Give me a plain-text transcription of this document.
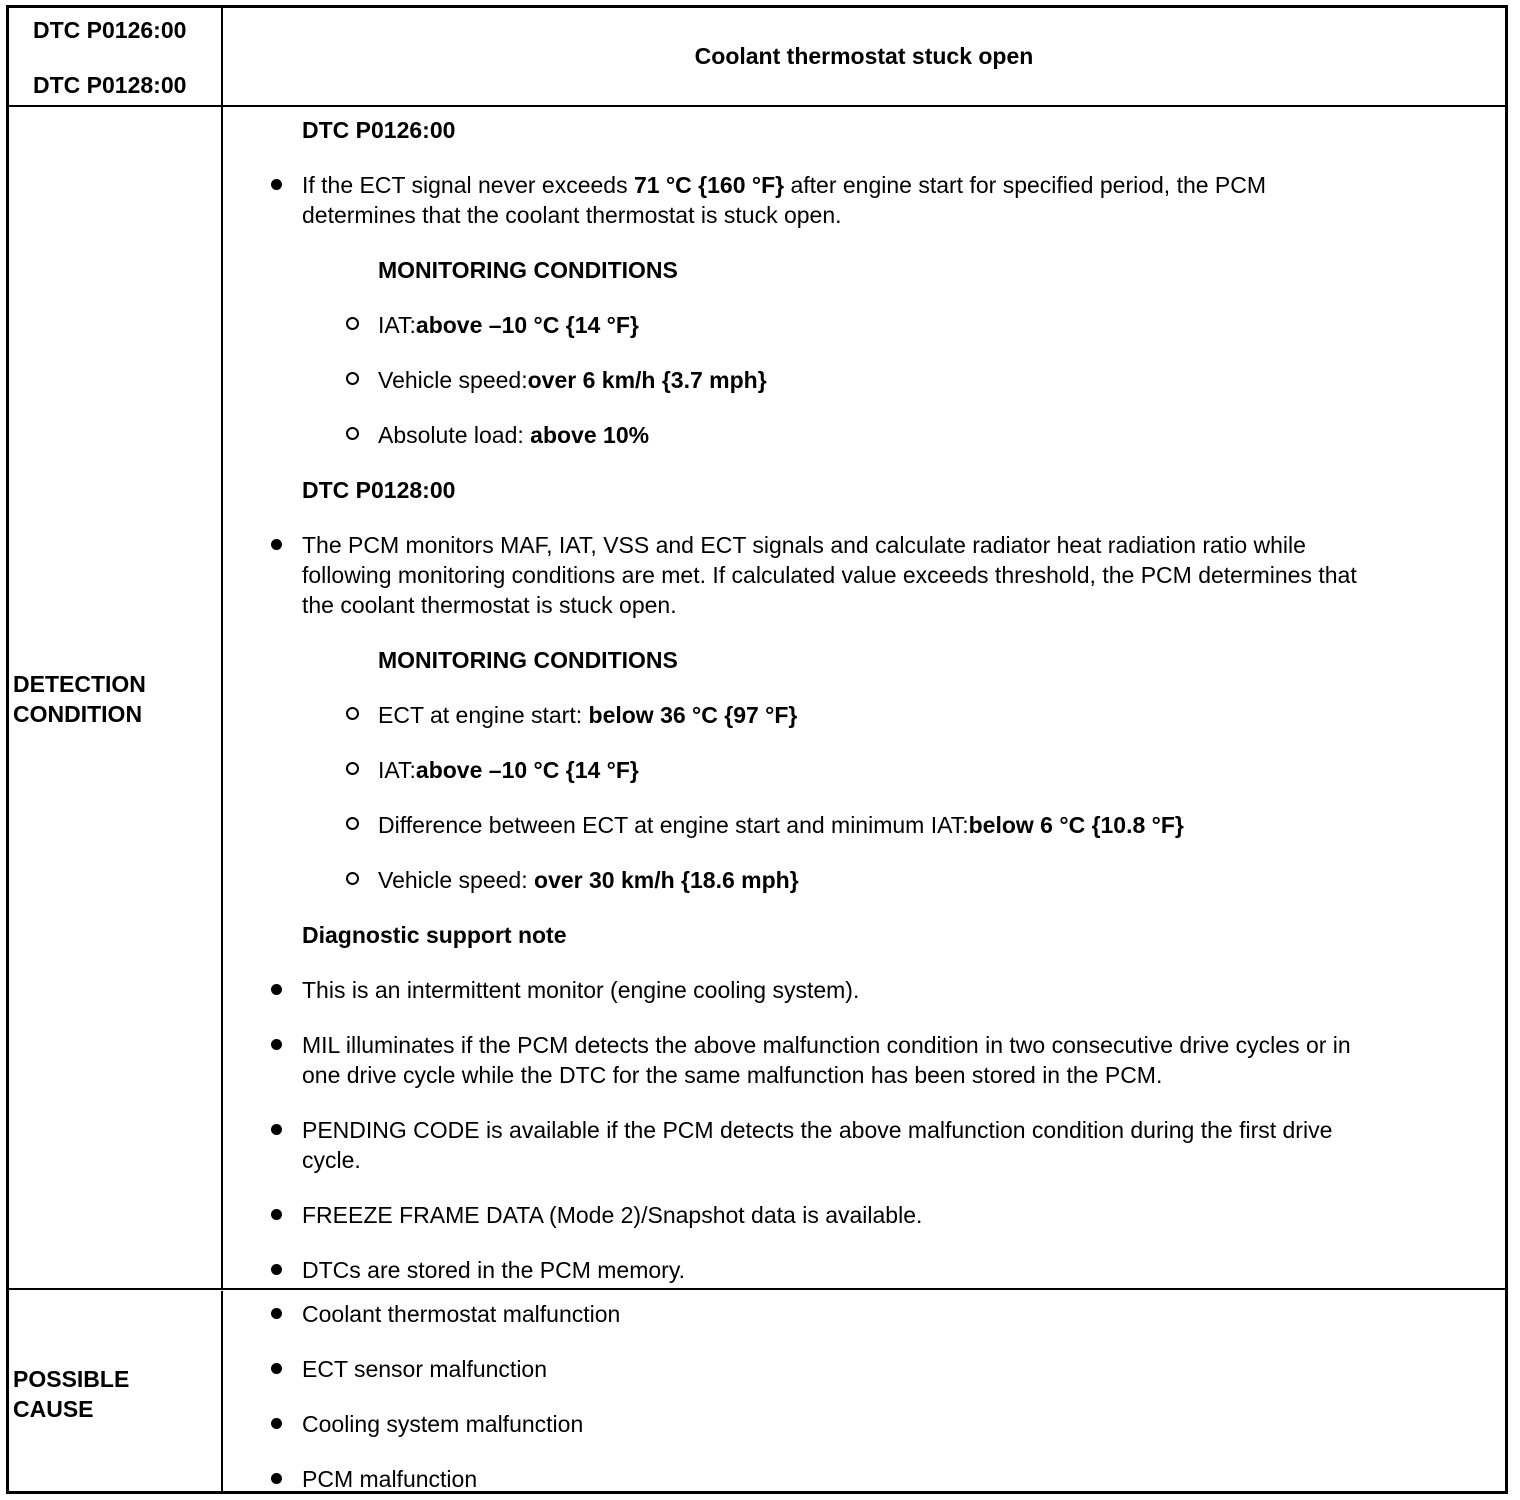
DTC P0126:00
DTC P0128:00
Coolant thermostat stuck open
DETECTION
CONDITION
DTC P0126:00
If the ECT signal never exceeds 71 °C {160 °F} after engine start for specified period, the PCM
determines that the coolant thermostat is stuck open.
MONITORING CONDITIONS
IAT:above –10 °C {14 °F}
Vehicle speed:over 6 km/h {3.7 mph}
Absolute load: above 10%
DTC P0128:00
The PCM monitors MAF, IAT, VSS and ECT signals and calculate radiator heat radiation ratio while
following monitoring conditions are met. If calculated value exceeds threshold, the PCM determines that
the coolant thermostat is stuck open.
MONITORING CONDITIONS
ECT at engine start: below 36 °C {97 °F}
IAT:above –10 °C {14 °F}
Difference between ECT at engine start and minimum IAT:below 6 °C {10.8 °F}
Vehicle speed: over 30 km/h {18.6 mph}
Diagnostic support note
This is an intermittent monitor (engine cooling system).
MIL illuminates if the PCM detects the above malfunction condition in two consecutive drive cycles or in
one drive cycle while the DTC for the same malfunction has been stored in the PCM.
PENDING CODE is available if the PCM detects the above malfunction condition during the first drive
cycle.
FREEZE FRAME DATA (Mode 2)/Snapshot data is available.
DTCs are stored in the PCM memory.
POSSIBLE
CAUSE
Coolant thermostat malfunction
ECT sensor malfunction
Cooling system malfunction
PCM malfunction
